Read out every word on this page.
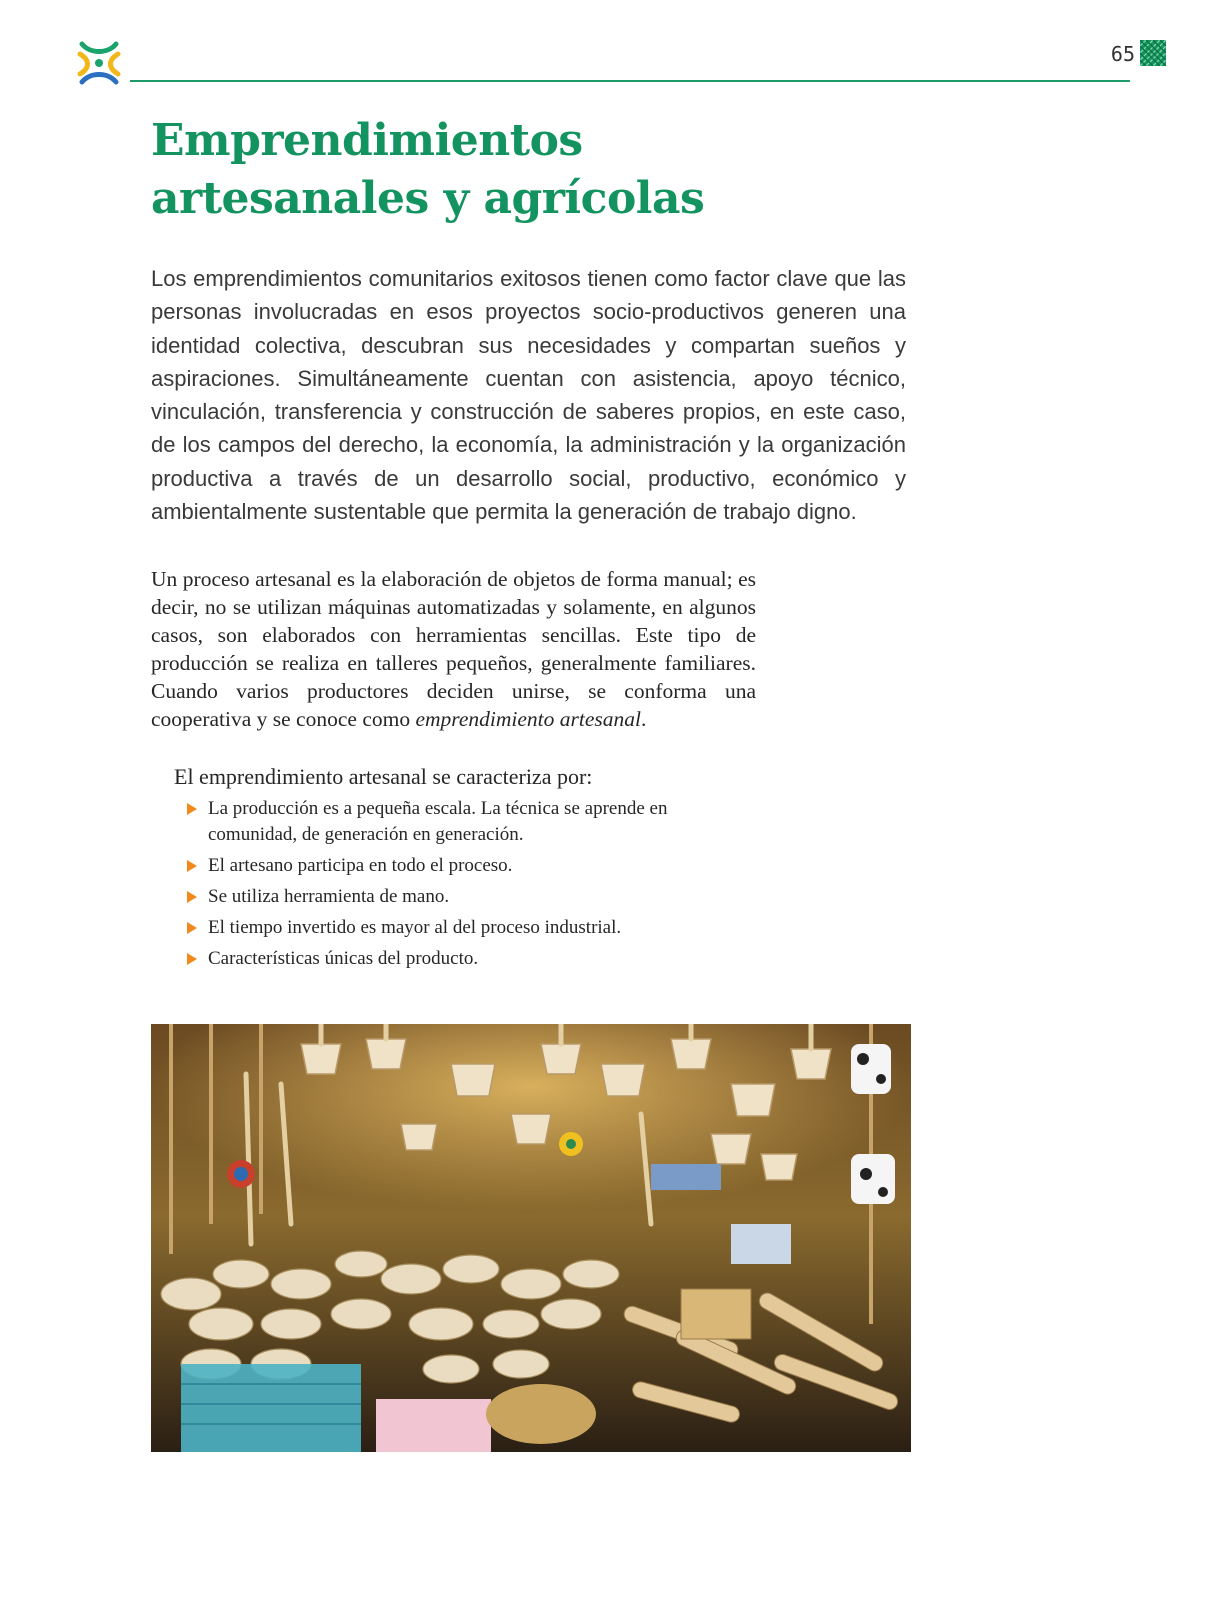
65
Emprendimientos
artesanales y agrícolas

Los emprendimientos comunitarios exitosos tienen como factor clave que las personas involucradas en esos proyectos socio-productivos generen una identidad colectiva, descubran sus necesidades y compartan sueños y aspiraciones. Simultáneamente cuentan con asistencia, apoyo técnico, vinculación, transferencia y construcción de saberes propios, en este caso, de los campos del derecho, la economía, la administración y la organización productiva a través de un desarrollo social, productivo, económico y ambientalmente sustentable que permita la generación de trabajo digno.

Un proceso artesanal es la elaboración de objetos de forma manual; es decir, no se utilizan máquinas automatizadas y solamente, en algunos casos, son elaborados con herramientas sencillas. Este tipo de producción se realiza en talleres pequeños, generalmente familiares. Cuando varios productores deciden unirse, se conforma una cooperativa y se conoce como emprendimiento artesanal.

El emprendimiento artesanal se caracteriza por:

La producción es a pequeña escala. La técnica se aprende en comunidad, de generación en generación.
El artesano participa en todo el proceso.
Se utiliza herramienta de mano.
El tiempo invertido es mayor al del proceso industrial.
Características únicas del producto.
